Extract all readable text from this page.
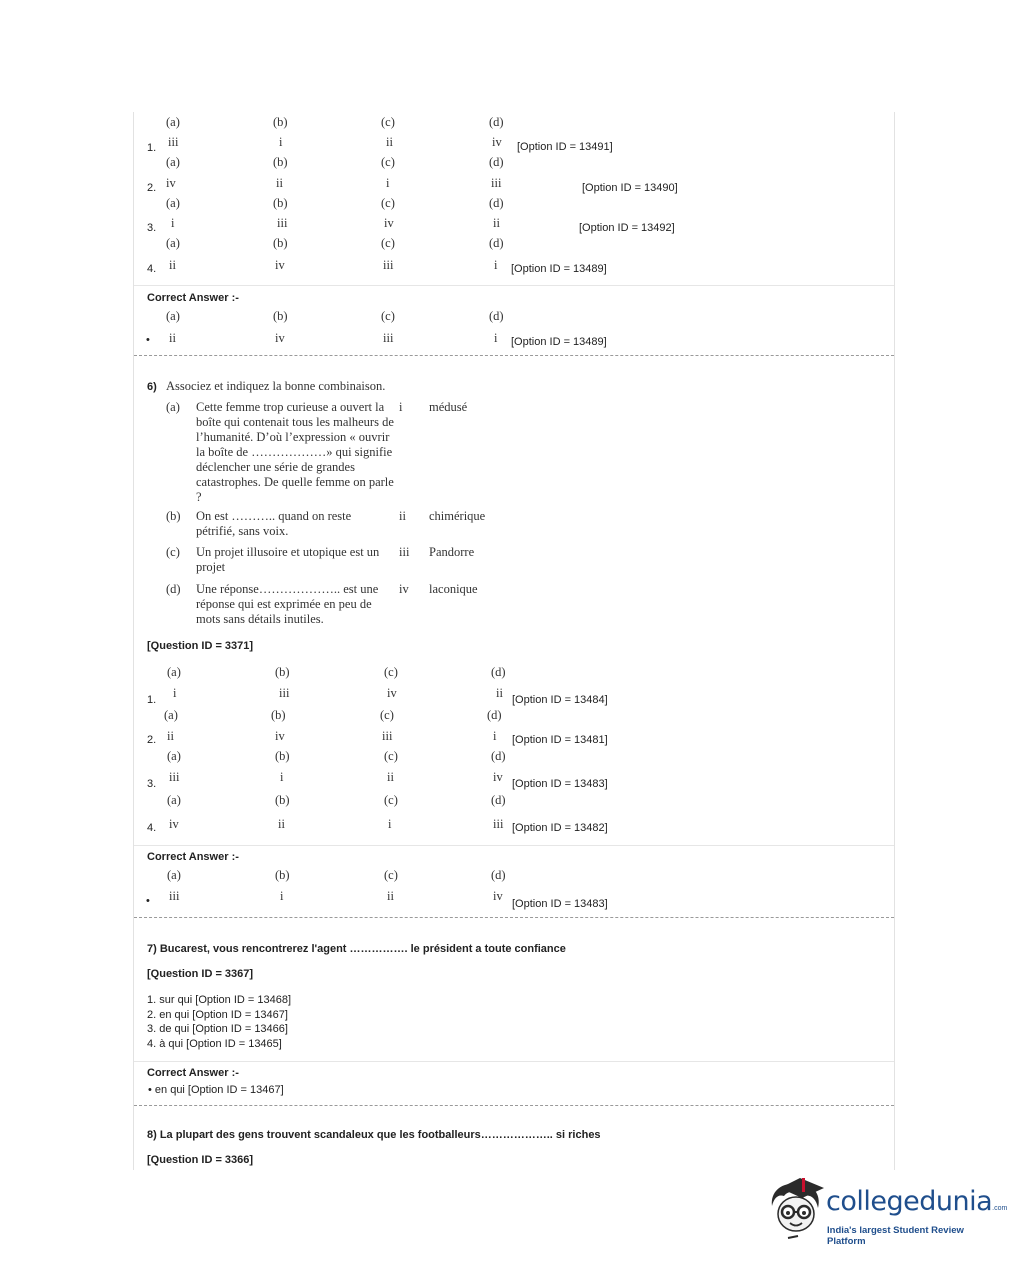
(a)	(b)	(c)	(d)
1. iii	i	ii	iv [Option ID = 13491]
(a)	(b)	(c)	(d)
2. iv	ii	i	iii	[Option ID = 13490]
(a)	(b)	(c)	(d)
3. i	iii	iv	ii	[Option ID = 13492]
(a)	(b)	(c)	(d)
4. ii	iv	iii	i [Option ID = 13489]
Correct Answer :-
(a)	(b)	(c)	(d)
• ii	iv	iii	i [Option ID = 13489]
6) Associez et indiquez la bonne combinaison.
(a) Cette femme trop curieuse a ouvert la boîte qui contenait tous les malheurs de l’humanité. D’où l’expression « ouvrir la boîte de ………………» qui signifie déclencher une série de grandes catastrophes. De quelle femme on parle ?
i médusé
(b) On est ……….. quand on reste pétrifié, sans voix.
ii chimérique
(c) Un projet illusoire et utopique est un projet
iii Pandorre
(d) Une réponse……………….. est une réponse qui est exprimée en peu de mots sans détails inutiles.
iv laconique
[Question ID = 3371]
(a)	(b)	(c)	(d)
1. i	iii	iv	ii [Option ID = 13484]
(a)	(b)	(c)	(d)
2. ii	iv	iii	i [Option ID = 13481]
(a)	(b)	(c)	(d)
3. iii	i	ii	iv [Option ID = 13483]
(a)	(b)	(c)	(d)
4. iv	ii	i	iii [Option ID = 13482]
Correct Answer :-
(a)	(b)	(c)	(d)
• iii	i	ii	iv
[Option ID = 13483]
7) Bucarest, vous rencontrerez l'agent ……………. le président a toute confiance
[Question ID = 3367]
1. sur qui [Option ID = 13468]
2. en qui [Option ID = 13467]
3. de qui [Option ID = 13466]
4. à qui [Option ID = 13465]
Correct Answer :-
• en qui [Option ID = 13467]
8) La plupart des gens trouvent scandaleux que les footballeurs……………….. si riches
[Question ID = 3366]
collegedunia.com
India's largest Student Review Platform
